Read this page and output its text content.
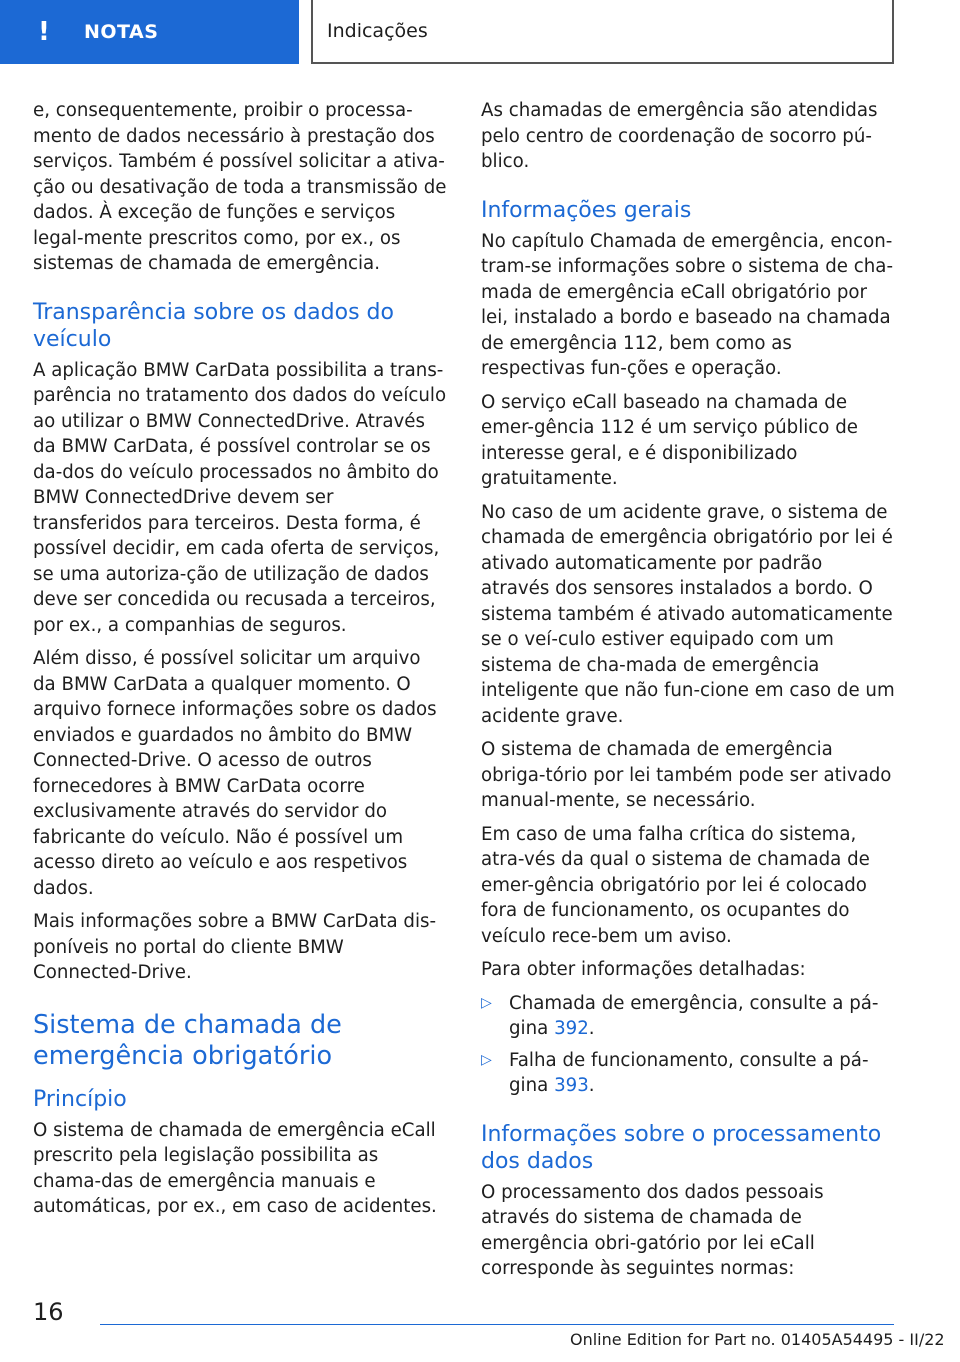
!	NOTAS	Indicações

e, consequentemente, proibir o processa-mento de dados necessário à prestação dos serviços. Também é possível solicitar a ativa-ção ou desativação de toda a transmissão de dados. À exceção de funções e serviços legal-mente prescritos como, por ex., os sistemas de chamada de emergência.

Transparência sobre os dados do veículo

A aplicação BMW CarData possibilita a trans-parência no tratamento dos dados do veículo ao utilizar o BMW ConnectedDrive. Através da BMW CarData, é possível controlar se os da-dos do veículo processados no âmbito do BMW ConnectedDrive devem ser transferidos para terceiros. Desta forma, é possível decidir, em cada oferta de serviços, se uma autoriza-ção de utilização de dados deve ser concedida ou recusada a terceiros, por ex., a companhias de seguros.

Além disso, é possível solicitar um arquivo da BMW CarData a qualquer momento. O arquivo fornece informações sobre os dados enviados e guardados no âmbito do BMW Connected-Drive. O acesso de outros fornecedores à BMW CarData ocorre exclusivamente através do servidor do fabricante do veículo. Não é possível um acesso direto ao veículo e aos respetivos dados.

Mais informações sobre a BMW CarData dis-poníveis no portal do cliente BMW Connected-Drive.

Sistema de chamada de emergência obrigatório
Princípio

O sistema de chamada de emergência eCall prescrito pela legislação possibilita as chama-das de emergência manuais e automáticas, por ex., em caso de acidentes.

As chamadas de emergência são atendidas pelo centro de coordenação de socorro pú-blico.

Informações gerais

No capítulo Chamada de emergência, encon-tram-se informações sobre o sistema de cha-mada de emergência eCall obrigatório por lei, instalado a bordo e baseado na chamada de emergência 112, bem como as respectivas fun-ções e operação.

O serviço eCall baseado na chamada de emer-gência 112 é um serviço público de interesse geral, e é disponibilizado gratuitamente.

No caso de um acidente grave, o sistema de chamada de emergência obrigatório por lei é ativado automaticamente por padrão através dos sensores instalados a bordo. O sistema também é ativado automaticamente se o veí-culo estiver equipado com um sistema de cha-mada de emergência inteligente que não fun-cione em caso de um acidente grave.

O sistema de chamada de emergência obriga-tório por lei também pode ser ativado manual-mente, se necessário.

Em caso de uma falha crítica do sistema, atra-vés da qual o sistema de chamada de emer-gência obrigatório por lei é colocado fora de funcionamento, os ocupantes do veículo rece-bem um aviso.

Para obter informações detalhadas:

▷ Chamada de emergência, consulte a pá-gina 392.
▷ Falha de funcionamento, consulte a pá-gina 393.
Informações sobre o processamento dos dados

O processamento dos dados pessoais através do sistema de chamada de emergência obri-gatório por lei eCall corresponde às seguintes normas:

16
Online Edition for Part no. 01405A54495 - II/22
